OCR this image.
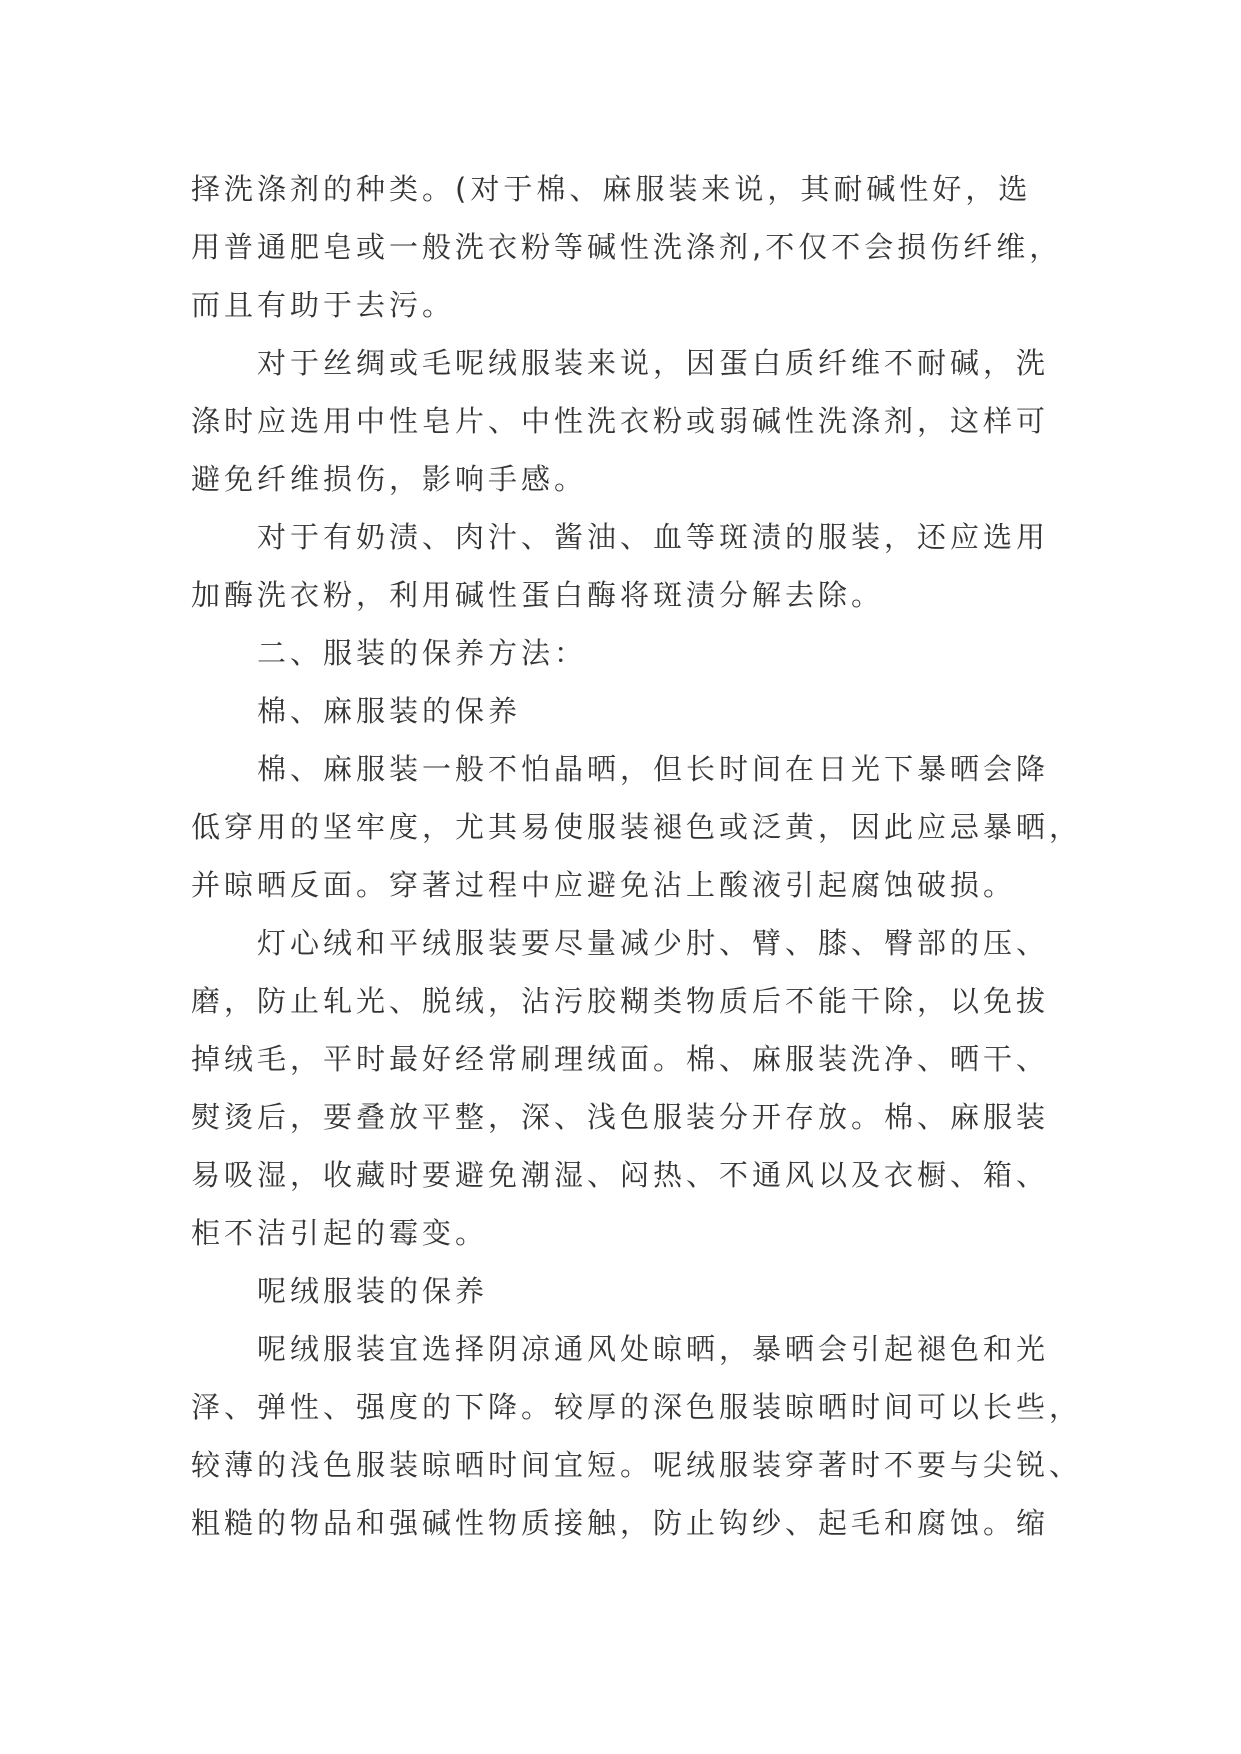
择洗涤剂的种类。(对于棉、麻服装来说，其耐碱性好，选
用普通肥皂或一般洗衣粉等碱性洗涤剂,不仅不会损伤纤维，
而且有助于去污。
对于丝绸或毛呢绒服装来说，因蛋白质纤维不耐碱，洗
涤时应选用中性皂片、中性洗衣粉或弱碱性洗涤剂，这样可
避免纤维损伤，影响手感。
对于有奶渍、肉汁、酱油、血等斑渍的服装，还应选用
加酶洗衣粉，利用碱性蛋白酶将斑渍分解去除。
二、服装的保养方法：
棉、麻服装的保养
棉、麻服装一般不怕晶晒，但长时间在日光下暴晒会降
低穿用的坚牢度，尤其易使服装褪色或泛黄，因此应忌暴晒，
并晾晒反面。穿著过程中应避免沾上酸液引起腐蚀破损。
灯心绒和平绒服装要尽量减少肘、臂、膝、臀部的压、
磨，防止轧光、脱绒，沾污胶糊类物质后不能干除，以免拔
掉绒毛，平时最好经常刷理绒面。棉、麻服装洗净、晒干、
熨烫后，要叠放平整，深、浅色服装分开存放。棉、麻服装
易吸湿，收藏时要避免潮湿、闷热、不通风以及衣橱、箱、
柜不洁引起的霉变。
呢绒服装的保养
呢绒服装宜选择阴凉通风处晾晒，暴晒会引起褪色和光
泽、弹性、强度的下降。较厚的深色服装晾晒时间可以长些，
较薄的浅色服装晾晒时间宜短。呢绒服装穿著时不要与尖锐、
粗糙的物品和强碱性物质接触，防止钩纱、起毛和腐蚀。缩
